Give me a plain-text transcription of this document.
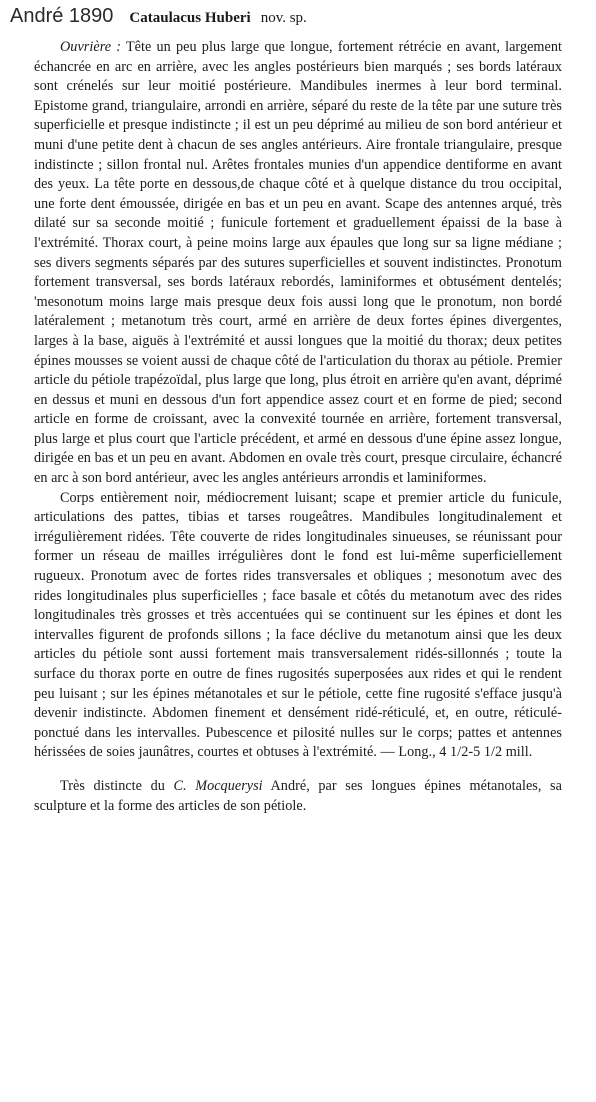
André 1890 Cataulacus Huberi nov. sp.

Ouvrière : Tête un peu plus large que longue, fortement rétrécie en avant, largement échancrée en arc en arrière, avec les angles postérieurs bien marqués ; ses bords latéraux sont crénelés sur leur moitié postérieure. Mandibules inermes à leur bord terminal. Epistome grand, triangulaire, arrondi en arrière, séparé du reste de la tête par une suture très superficielle et presque indistincte ; il est un peu déprimé au milieu de son bord antérieur et muni d'une petite dent à chacun de ses angles antérieurs. Aire frontale triangulaire, presque indistincte ; sillon frontal nul. Arêtes frontales munies d'un appendice dentiforme en avant des yeux. La tête porte en dessous,de chaque côté et à quelque distance du trou occipital, une forte dent émoussée, dirigée en bas et un peu en avant. Scape des antennes arqué, très dilaté sur sa seconde moitié ; funicule fortement et graduellement épaissi de la base à l'extrémité. Thorax court, à peine moins large aux épaules que long sur sa ligne médiane ; ses divers segments séparés par des sutures superficielles et souvent indistinctes. Pronotum fortement transversal, ses bords latéraux rebordés, laminiformes et obtusément dentelés; 'mesonotum moins large mais presque deux fois aussi long que le pronotum, non bordé latéralement ; metanotum très court, armé en arrière de deux fortes épines divergentes, larges à la base, aiguës à l'extrémité et aussi longues que la moitié du thorax; deux petites épines mousses se voient aussi de chaque côté de l'articulation du thorax au pétiole. Premier article du pétiole trapézoïdal, plus large que long, plus étroit en arrière qu'en avant, déprimé en dessus et muni en dessous d'un fort appendice assez court et en forme de pied; second article en forme de croissant, avec la convexité tournée en arrière, fortement transversal, plus large et plus court que l'article précédent, et armé en dessous d'une épine assez longue, dirigée en bas et un peu en avant. Abdomen en ovale très court, presque circulaire, échancré en arc à son bord antérieur, avec les angles antérieurs arrondis et laminiformes.

Corps entièrement noir, médiocrement luisant; scape et premier article du funicule, articulations des pattes, tibias et tarses rougeâtres. Mandibules longitudinalement et irrégulièrement ridées. Tête couverte de rides longitudinales sinueuses, se réunissant pour former un réseau de mailles irrégulières dont le fond est lui-même superficiellement rugueux. Pronotum avec de fortes rides transversales et obliques ; mesonotum avec des rides longitudinales plus superficielles ; face basale et côtés du metanotum avec des rides longitudinales très grosses et très accentuées qui se continuent sur les épines et dont les intervalles figurent de profonds sillons ; la face déclive du metanotum ainsi que les deux articles du pétiole sont aussi fortement mais transversalement ridés-sillonnés ; toute la surface du thorax porte en outre de fines rugosités superposées aux rides et qui le rendent peu luisant ; sur les épines métanotales et sur le pétiole, cette fine rugosité s'efface jusqu'à devenir indistincte. Abdomen finement et densément ridé-réticulé, et, en outre, réticulé-ponctué dans les intervalles. Pubescence et pilosité nulles sur le corps; pattes et antennes hérissées de soies jaunâtres, courtes et obtuses à l'extrémité. — Long., 4 1/2-5 1/2 mill.

Très distincte du C. Mocquerysi André, par ses longues épines métanotales, sa sculpture et la forme des articles de son pétiole.
